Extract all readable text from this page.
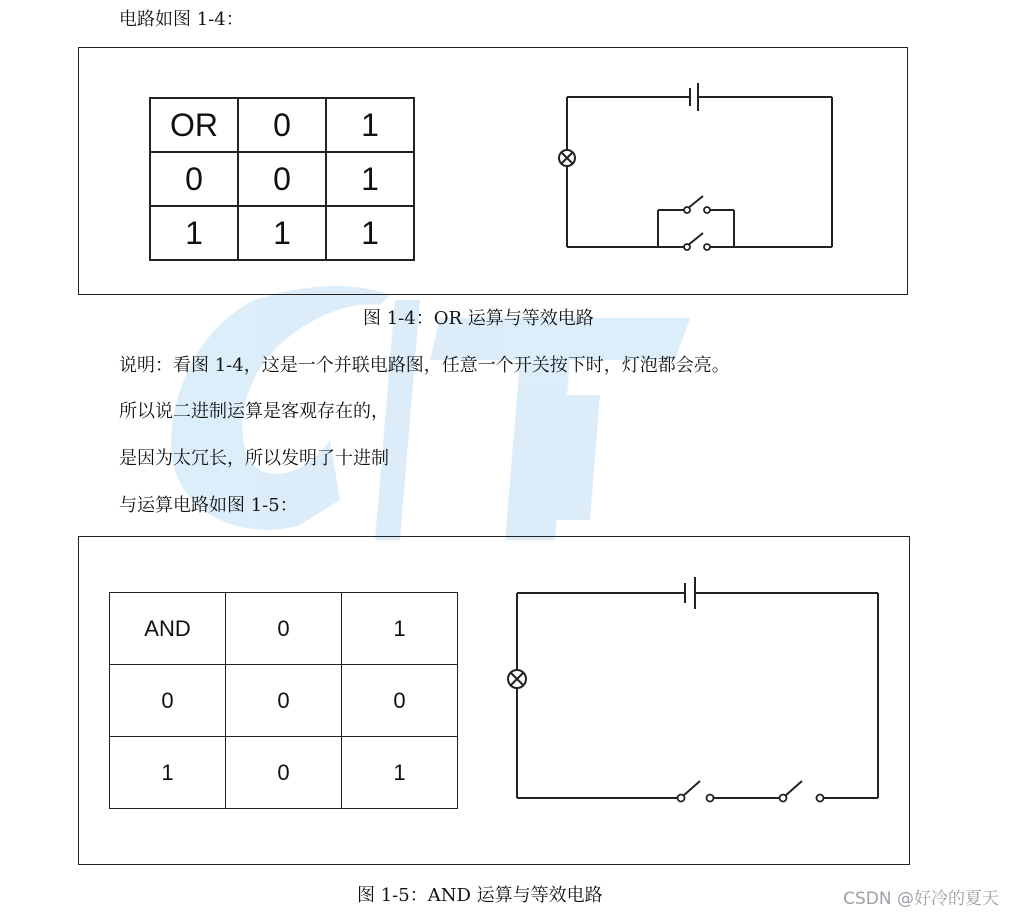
电路如图 1-4：
OR	0	1
0	0	1
1	1	1
图 1-4：OR 运算与等效电路
说明：看图 1-4，这是一个并联电路图，任意一个开关按下时，灯泡都会亮。
所以说二进制运算是客观存在的，
是因为太冗长，所以发明了十进制
与运算电路如图 1-5：
AND	0	1
0	0	0
1	0	1
图 1-5：AND 运算与等效电路	CSDN @好冷的夏天
